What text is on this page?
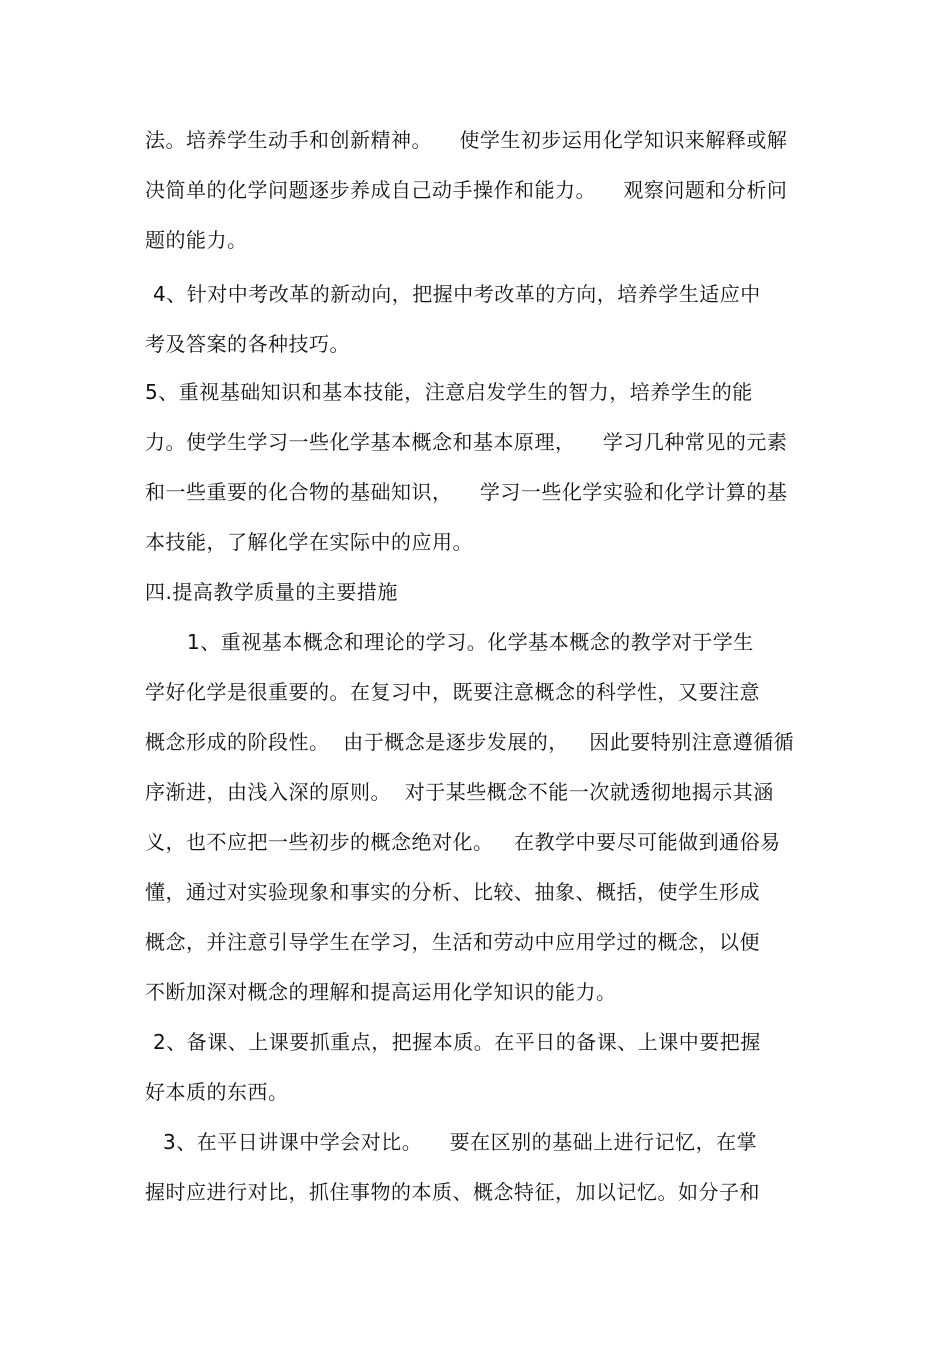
法。培养学生动手和创新精神。    使学生初步运用化学知识来解释或解
决简单的化学问题逐步养成自己动手操作和能力。    观察问题和分析问
题的能力。
4、针对中考改革的新动向，把握中考改革的方向，培养学生适应中
考及答案的各种技巧。
5、重视基础知识和基本技能，注意启发学生的智力，培养学生的能
力。使学生学习一些化学基本概念和基本原理，    学习几种常见的元素
和一些重要的化合物的基础知识，    学习一些化学实验和化学计算的基
本技能，了解化学在实际中的应用。
四.提高教学质量的主要措施
1、重视基本概念和理论的学习。化学基本概念的教学对于学生
学好化学是很重要的。在复习中，既要注意概念的科学性，又要注意
概念形成的阶段性。  由于概念是逐步发展的，   因此要特别注意遵循循
序渐进，由浅入深的原则。  对于某些概念不能一次就透彻地揭示其涵
义，也不应把一些初步的概念绝对化。   在教学中要尽可能做到通俗易
懂，通过对实验现象和事实的分析、比较、抽象、概括，使学生形成
概念，并注意引导学生在学习，生活和劳动中应用学过的概念，以便
不断加深对概念的理解和提高运用化学知识的能力。
2、备课、上课要抓重点，把握本质。在平日的备课、上课中要把握
好本质的东西。
3、在平日讲课中学会对比。    要在区别的基础上进行记忆，在掌
握时应进行对比，抓住事物的本质、概念特征，加以记忆。如分子和
